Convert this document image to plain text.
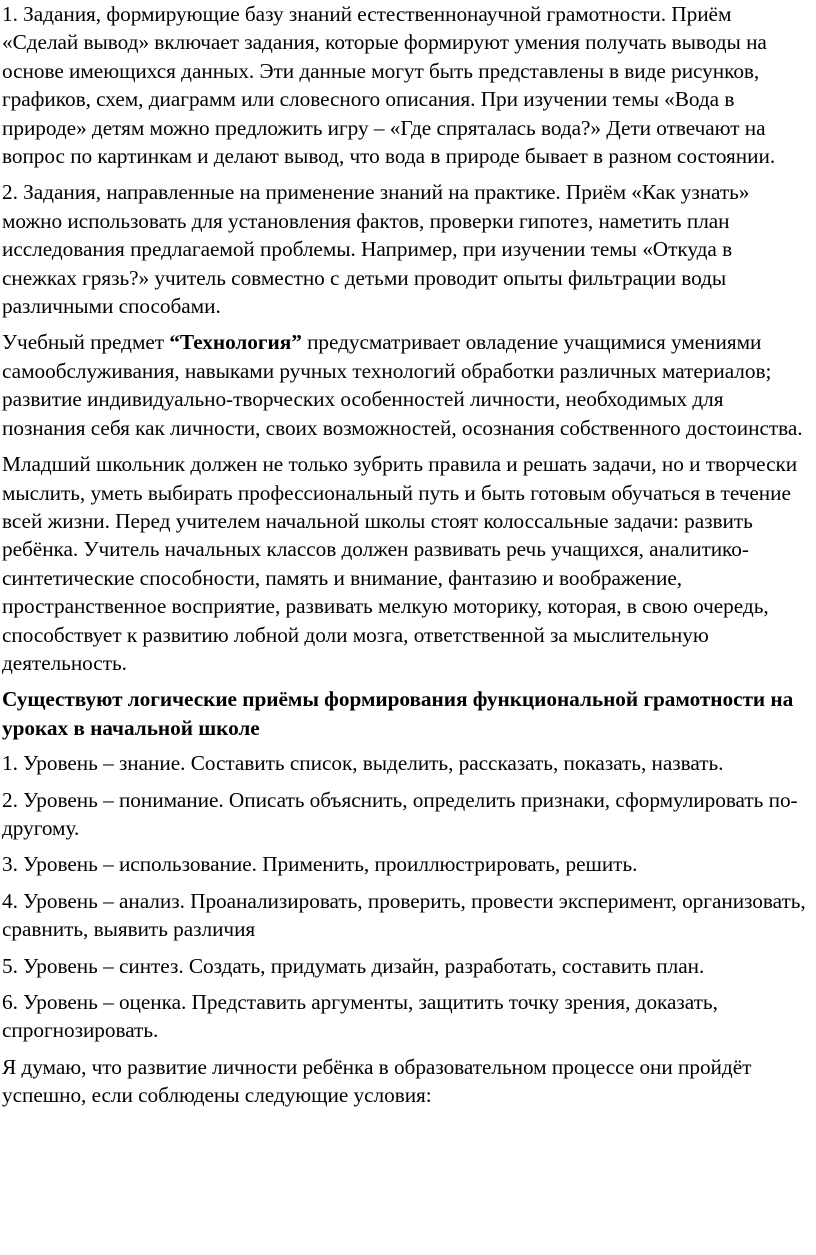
1. Задания, формирующие базу знаний естественнонаучной грамотности. Приём «Сделай вывод» включает задания, которые формируют умения получать выводы на основе имеющихся данных. Эти данные могут быть представлены в виде рисунков, графиков, схем, диаграмм или словесного описания. При изучении темы «Вода в природе» детям можно предложить игру – «Где спряталась вода?» Дети отвечают на вопрос по картинкам и делают вывод, что вода в природе бывает в разном состоянии.

2. Задания, направленные на применение знаний на практике. Приём «Как узнать» можно использовать для установления фактов, проверки гипотез, наметить план исследования предлагаемой проблемы. Например, при изучении темы «Откуда в снежках грязь?» учитель совместно с детьми проводит опыты фильтрации воды различными способами.

Учебный предмет “Технология” предусматривает овладение учащимися умениями самообслуживания, навыками ручных технологий обработки различных материалов; развитие индивидуально-творческих особенностей личности, необходимых для познания себя как личности, своих возможностей, осознания собственного достоинства.

Младший школьник должен не только зубрить правила и решать задачи, но и творчески мыслить, уметь выбирать профессиональный путь и быть готовым обучаться в течение всей жизни. Перед учителем начальной школы стоят колоссальные задачи: развить ребёнка. Учитель начальных классов должен развивать речь учащихся, аналитико-синтетические способности, память и внимание, фантазию и воображение, пространственное восприятие, развивать мелкую моторику, которая, в свою очередь, способствует к развитию лобной доли мозга, ответственной за мыслительную деятельность.

Существуют логические приёмы формирования функциональной грамотности на уроках в начальной школе

1. Уровень – знание. Составить список, выделить, рассказать, показать, назвать.

2. Уровень – понимание. Описать объяснить, определить признаки, сформулировать по-другому.

3. Уровень – использование. Применить, проиллюстрировать, решить.

4. Уровень – анализ. Проанализировать, проверить, провести эксперимент, организовать, сравнить, выявить различия

5. Уровень – синтез. Создать, придумать дизайн, разработать, составить план.

6. Уровень – оценка. Представить аргументы, защитить точку зрения, доказать, спрогнозировать.

Я думаю, что развитие личности ребёнка в образовательном процессе они пройдёт успешно, если соблюдены следующие условия:
